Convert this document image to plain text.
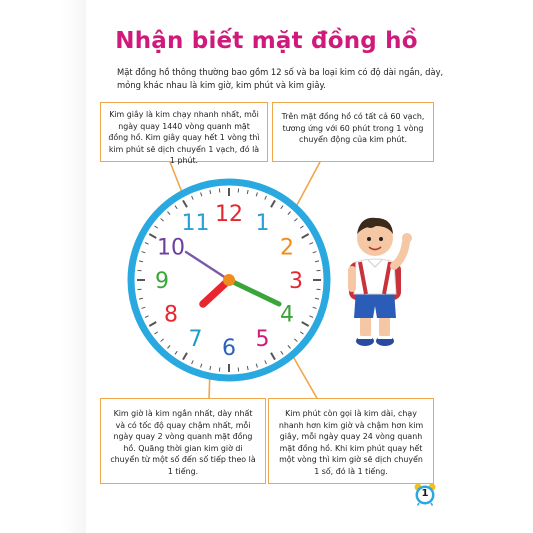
Nhận biết mặt đồng hồ
Mặt đồng hồ thông thường bao gồm 12 số và ba loại kim có độ dài ngắn, dày, mỏng khác nhau là kim giờ, kim phút và kim giây.
12 1
2
3
4
5
6
7
8
9
10
11
Kim giây là kim chạy nhanh nhất, mỗi ngày quay 1440 vòng quanh mặt đồng hồ. Kim giây quay hết 1 vòng thì kim phút sẽ dịch chuyển 1 vạch, đó là 1 phút.
Trên mặt đồng hồ có tất cả 60 vạch, tương ứng với 60 phút trong 1 vòng chuyển động của kim phút.
Kim giờ là kim ngắn nhất, dày nhất và có tốc độ quay chậm nhất, mỗi ngày quay 2 vòng quanh mặt đồng hồ. Quãng thời gian kim giờ di chuyển từ một số đến số tiếp theo là 1 tiếng.
Kim phút còn gọi là kim dài, chạy nhanh hơn kim giờ và chậm hơn kim giây, mỗi ngày quay 24 vòng quanh mặt đồng hồ. Khi kim phút quay hết một vòng thì kim giờ sẽ dịch chuyển 1 số, đó là 1 tiếng.
1
